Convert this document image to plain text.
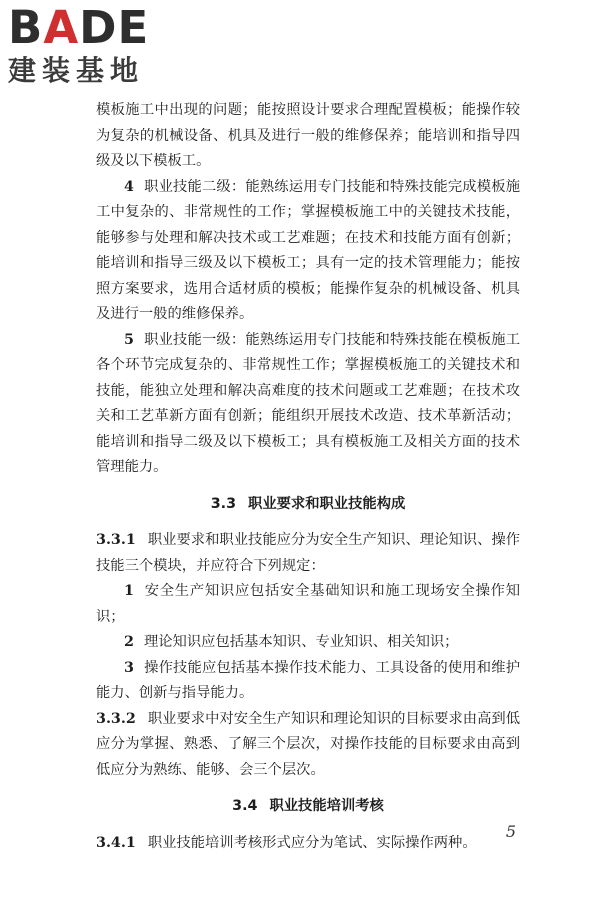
BADE
建装基地

模板施工中出现的问题；能按照设计要求合理配置模板；能操作较为复杂的机械设备、机具及进行一般的维修保养；能培训和指导四级及以下模板工。

4 职业技能二级：能熟练运用专门技能和特殊技能完成模板施工中复杂的、非常规性的工作；掌握模板施工中的关键技术技能，能够参与处理和解决技术或工艺难题；在技术和技能方面有创新；能培训和指导三级及以下模板工；具有一定的技术管理能力；能按照方案要求，选用合适材质的模板；能操作复杂的机械设备、机具及进行一般的维修保养。

5 职业技能一级：能熟练运用专门技能和特殊技能在模板施工各个环节完成复杂的、非常规性工作；掌握模板施工的关键技术和技能，能独立处理和解决高难度的技术问题或工艺难题；在技术攻关和工艺革新方面有创新；能组织开展技术改造、技术革新活动；能培训和指导二级及以下模板工；具有模板施工及相关方面的技术管理能力。

3.3 职业要求和职业技能构成

3.3.1 职业要求和职业技能应分为安全生产知识、理论知识、操作技能三个模块，并应符合下列规定：

1 安全生产知识应包括安全基础知识和施工现场安全操作知识；

2 理论知识应包括基本知识、专业知识、相关知识；

3 操作技能应包括基本操作技术能力、工具设备的使用和维护能力、创新与指导能力。

3.3.2 职业要求中对安全生产知识和理论知识的目标要求由高到低应分为掌握、熟悉、了解三个层次，对操作技能的目标要求由高到低应分为熟练、能够、会三个层次。

3.4 职业技能培训考核

3.4.1 职业技能培训考核形式应分为笔试、实际操作两种。

5
